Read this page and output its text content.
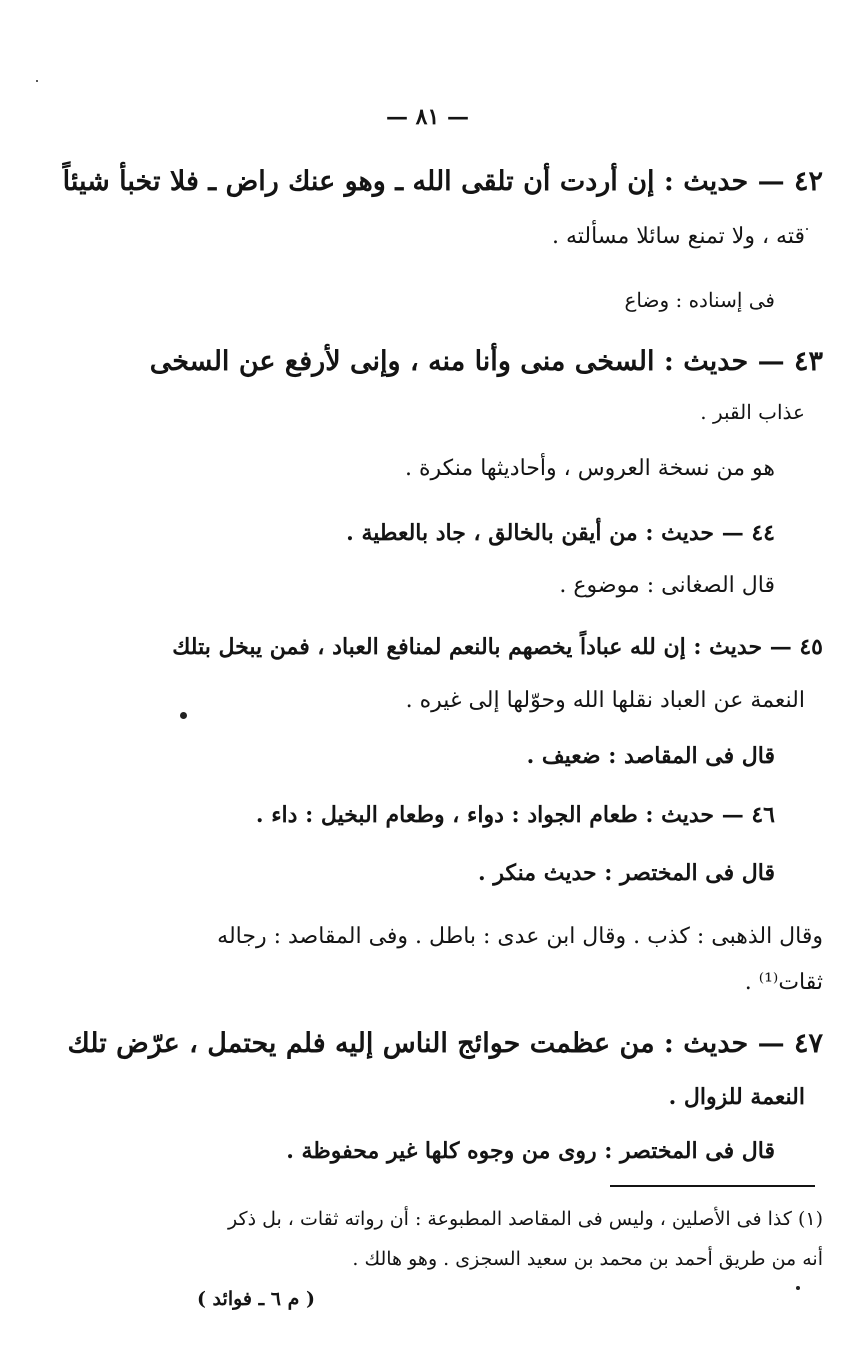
— ٨١ —
٤٢ — حديث : إن أردت أن تلقى الله ـ وهو عنك راض ـ فلا تخبأ شيئاً
قته ، ولا تمنع سائلا مسألته .
فى إسناده : وضاع
٤٣ — حديث : السخى منى وأنا منه ، وإنى لأرفع عن السخى
عذاب القبر .
هو من نسخة العروس ، وأحاديثها منكرة .
٤٤ — حديث : من أيقن بالخالق ، جاد بالعطية .
قال الصغانى : موضوع .
٤٥ — حديث : إن لله عباداً يخصهم بالنعم لمنافع العباد ، فمن يبخل بتلك
النعمة عن العباد نقلها الله وحوّلها إلى غيره .
قال فى المقاصد : ضعيف .
٤٦ — حديث : طعام الجواد : دواء ، وطعام البخيل : داء .
قال فى المختصر : حديث منكر .
وقال الذهبى : كذب . وقال ابن عدى : باطل . وفى المقاصد : رجاله
ثقات⁽¹⁾ .
٤٧ — حديث : من عظمت حوائج الناس إليه فلم يحتمل ، عرّض تلك
النعمة للزوال .
قال فى المختصر : روى من وجوه كلها غير محفوظة .
(١) كذا فى الأصلين ، وليس فى المقاصد المطبوعة : أن رواته ثقات ، بل ذكر
أنه من طريق أحمد بن محمد بن سعيد السجزى . وهو هالك .
( م ٦ ـ فوائد )
